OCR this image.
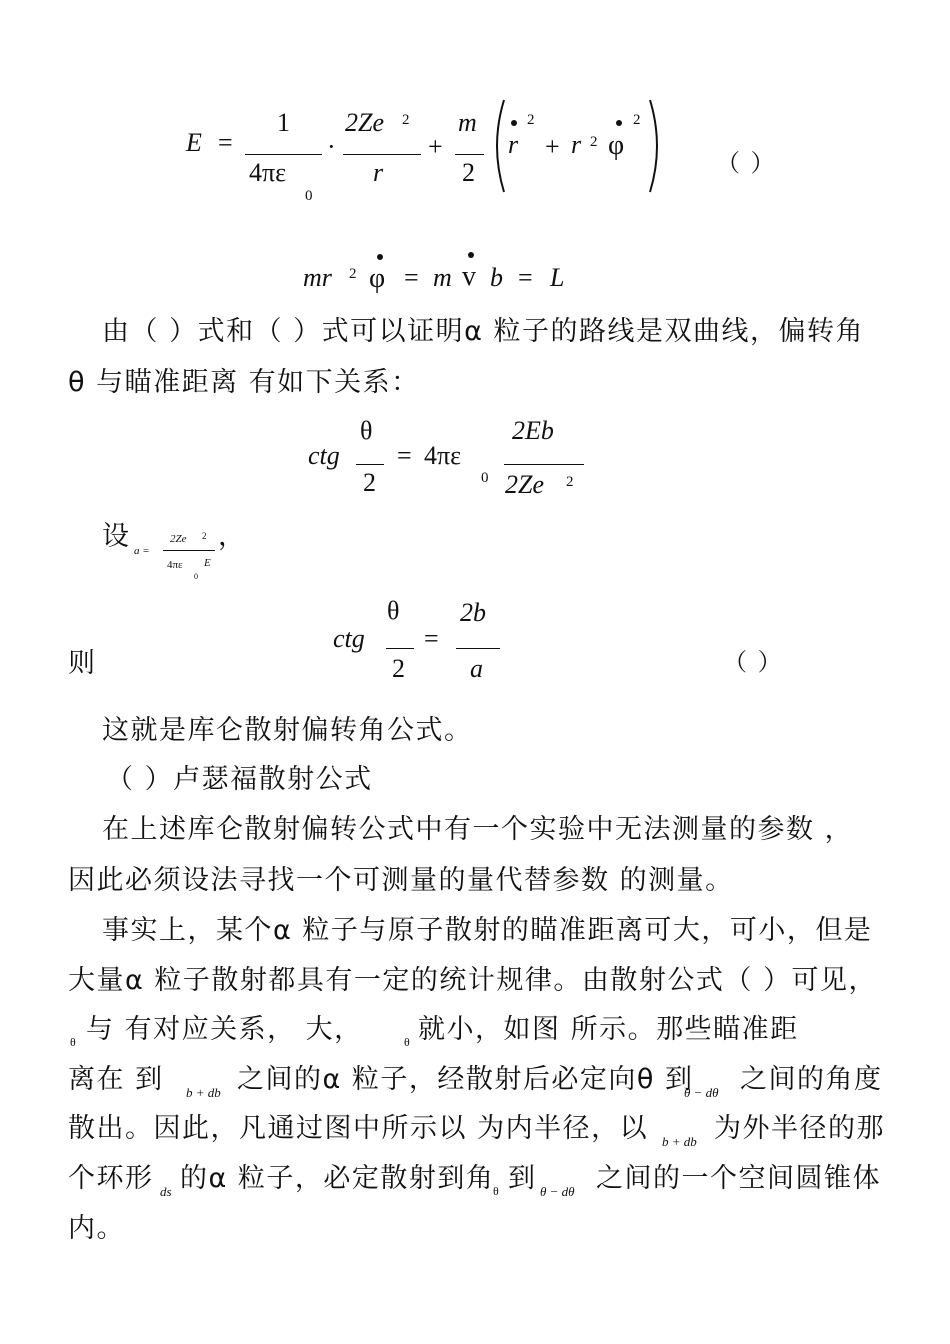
E =
1
4πε
0
·
2Ze 2
r
+
m
2
r
2
+ r 2 φ
2
（ ）
mr 2 φ = m v b = L
由（ ）式和（ ）式可以证明α 粒子的路线是双曲线，偏转角
θ 与瞄准距离 有如下关系：
ctg
θ
2
= 4πε
0
2Eb
2Ze 2
设 a =
2Ze 2
4πε
0
E
，
则
ctg
θ
2
=
2b
a	（ ）
这就是库仑散射偏转角公式。
（ ）卢瑟福散射公式
在上述库仑散射偏转公式中有一个实验中无法测量的参数 ，
因此必须设法寻找一个可测量的量代替参数 的测量。
事实上，某个α 粒子与原子散射的瞄准距离可大，可小，但是
大量α 粒子散射都具有一定的统计规律。由散射公式（ ）可见，
θ 与 有对应关系， 大，	θ 就小，如图 所示。那些瞄准距
离在 到 b + db 之间的α 粒子，经散射后必定向θ 到
θ − dθ 之间的角度
散出。因此，凡通过图中所示以 为内半径，以 b + db 为外半径的那
个环形 ds 的α 粒子，必定散射到角
θ 到 θ − dθ 之间的一个空间圆锥体
内。
